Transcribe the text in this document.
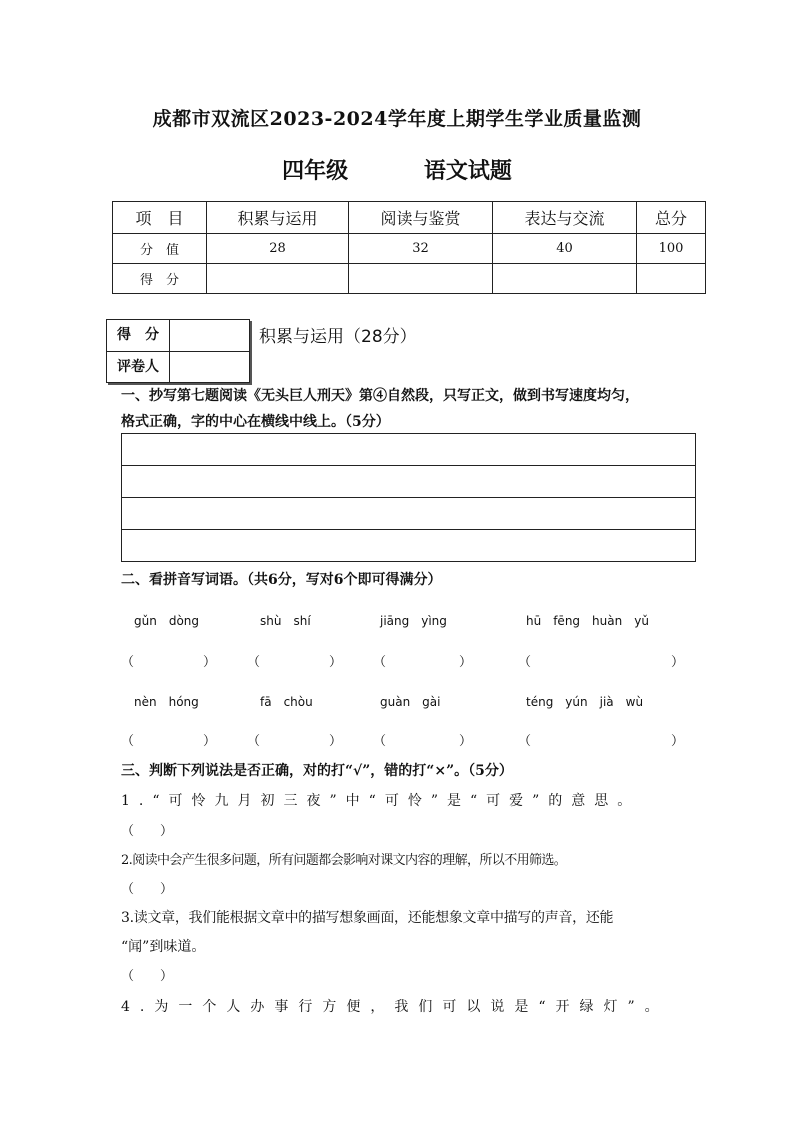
成都市双流区2023-2024学年度上期学生学业质量监测
四年级	语文试题
项　目	积累与运用	阅读与鉴赏	表达与交流	总分
分　值	28	32	40	100
得　分				
得　分
评卷人
积累与运用（28分）
一、抄写第七题阅读《无头巨人刑天》第④自然段，只写正文，做到书写速度均匀，
格式正确，字的中心在横线中线上。（5分）
二、看拼音写词语。（共6分，写对6个即可得满分）
gǔn　dòng	shù　shí	jiāng　yìng	hū　fēng　huàn　yǔ
（	） （	） （	）	（	）
nèn　hóng	fā　chòu	guàn　gài	téng　yún　jià　wù
（	） （	） （	）	（	）
三、判断下列说法是否正确，对的打“√”，错的打“×”。（5分）
1.“可怜九月初三夜”中“可怜”是“可爱”的意思。
（　　）
2.阅读中会产生很多问题，所有问题都会影响对课文内容的理解，所以不用筛选。
（　　）
3.读文章，我们能根据文章中的描写想象画面，还能想象文章中描写的声音，还能
“闻”到味道。
（　　）
4.为一个人办事行方便，我们可以说是“开绿灯”。
